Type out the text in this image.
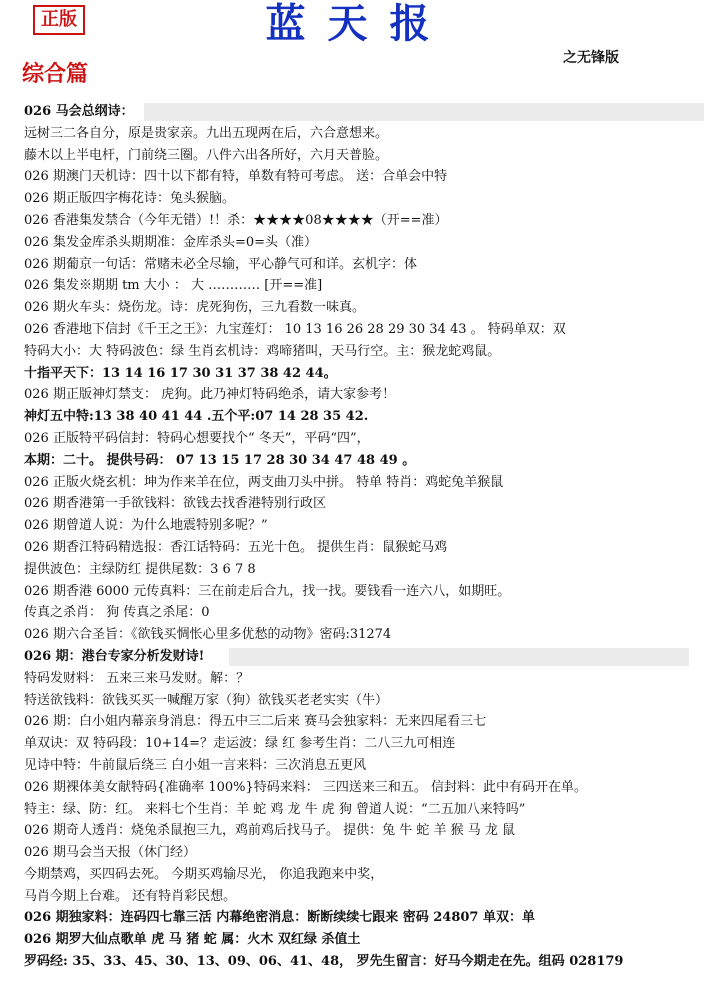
正版	蓝天报
之无锋版
综合篇
026 马会总纲诗：
远树三二各自分，原是贵家亲。九出五现两在后，六合意想来。
藤木以上半电杆，门前绕三圈。八件六出各所好，六月天普脸。
026 期澳门天机诗：四十以下都有特，单数有特可考虑。 送：合单会中特
026 期正版四字梅花诗：兔头猴脑。
026 香港集发禁合（今年无错）!！杀：★★★★08★★★★（开==准）
026 集发金库杀头期期准：金库杀头=0=头（准）
026 期葡京一句话：常赌未必全尽输，平心静气可和详。玄机字：体
026 集发※期期 tm 大小 ： 大 ………… [开==准]
026 期火车头：烧伤龙。诗：虎死狗伤，三九看数一味真。
026 香港地下信封《千王之王》：九宝莲灯： 10 13 16 26 28 29 30 34 43 。 特码单双：双
特码大小：大 特码波色：绿 生肖玄机诗：鸡啼猪叫，天马行空。主：猴龙蛇鸡鼠。
十指平天下：13 14 16 17 30 31 37 38 42 44。
026 期正版神灯禁支： 虎狗。此乃神灯特码绝杀，请大家参考！
神灯五中特:13 38 40 41 44 .五个平:07 14 28 35 42.
026 正版特平码信封：特码心想要找个“ 冬天”，平码“四”，
本期：二十。 提供号码： 07 13 15 17 28 30 34 47 48 49 。
026 正版火烧玄机：坤为作来羊在位，两支曲刀头中拼。 特单 特肖：鸡蛇兔羊猴鼠
026 期香港第一手欲钱料：欲钱去找香港特别行政区
026 期曾道人说：为什么地震特别多呢？”
026 期香江特码精选报：香江话特码：五光十色。 提供生肖：鼠猴蛇马鸡
提供波色：主绿防红 提供尾数：3 6 7 8
026 期香港 6000 元传真料：三在前走后合九，找一找。要钱看一连六八，如期旺。
传真之杀肖： 狗 传真之杀尾：0
026 期六合圣旨：《欲钱买惆怅心里多优愁的动物》密码:31274
026 期：港台专家分析发财诗!
特码发财料： 五来三来马发财。解：？
特送欲钱料：欲钱买买一喊醒万家（狗）欲钱买老老实实（牛）
026 期：白小姐内幕亲身消息：得五中三二后来 赛马会独家料：无来四尾看三七
单双诀：双 特码段：10+14=？走运波：绿 红 参考生肖：二八三九可相连
见诗中特：牛前鼠后绕三 白小姐一言来料：三次消息五更风
026 期裸体美女献特码{准确率 100%}特码来料： 三四送来三和五。 信封料：此中有码开在单。
特主：绿、防：红。 来料七个生肖：羊 蛇 鸡 龙 牛 虎 狗 曾道人说：“二五加八来特吗”
026 期奇人透肖：烧兔杀鼠抱三九，鸡前鸡后找马子。 提供：兔 牛 蛇 羊 猴 马 龙 鼠
026 期马会当天报（休门经）
今期禁鸡，买四码去死。 今期买鸡输尽光， 你追我跑来中奖，
马肖今期上台难。 还有特肖彩民想。
026 期独家料：连码四七靠三活 内幕绝密消息：断断续续七跟来 密码 24807 单双：单
026 期罗大仙点歌单 虎 马 猪 蛇 属：火木 双红绿 杀值土
罗码经: 35、33、45、30、13、09、06、41、48， 罗先生留言：好马今期走在先。组码 028179
